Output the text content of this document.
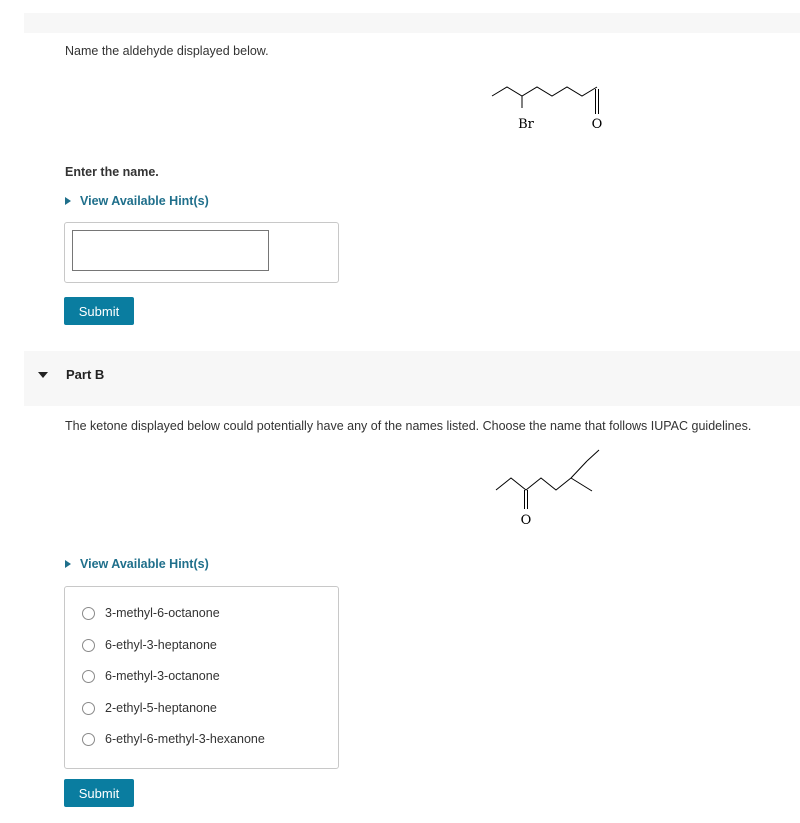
Name the aldehyde displayed below.
Br	O
Enter the name.
View Available Hint(s)
Submit
Part B
The ketone displayed below could potentially have any of the names listed. Choose the name that follows IUPAC guidelines.
O
View Available Hint(s)
3-methyl-6-octanone
6-ethyl-3-heptanone
6-methyl-3-octanone
2-ethyl-5-heptanone
6-ethyl-6-methyl-3-hexanone
Submit
